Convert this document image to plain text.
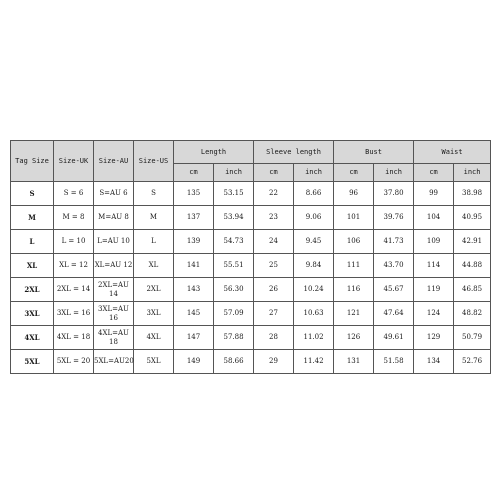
Tag Size	Size-UK	Size-AU	Size-US	Length		Sleeve length		Bust		Waist	
				cm	inch	cm	inch	cm	inch	cm	inch
S	S = 6	S=AU 6	S	135	53.15	22	8.66	96	37.80	99	38.98
M	M = 8	M=AU 8	M	137	53.94	23	9.06	101	39.76	104	40.95
L	L = 10	L=AU 10	L	139	54.73	24	9.45	106	41.73	109	42.91
XL	XL = 12	XL=AU 12	XL	141	55.51	25	9.84	111	43.70	114	44.88
2XL	2XL = 14	2XL=AU 14	2XL	143	56.30	26	10.24	116	45.67	119	46.85
3XL	3XL = 16	3XL=AU 16	3XL	145	57.09	27	10.63	121	47.64	124	48.82
4XL	4XL = 18	4XL=AU 18	4XL	147	57.88	28	11.02	126	49.61	129	50.79
5XL	5XL = 20	5XL=AU20	5XL	149	58.66	29	11.42	131	51.58	134	52.76
